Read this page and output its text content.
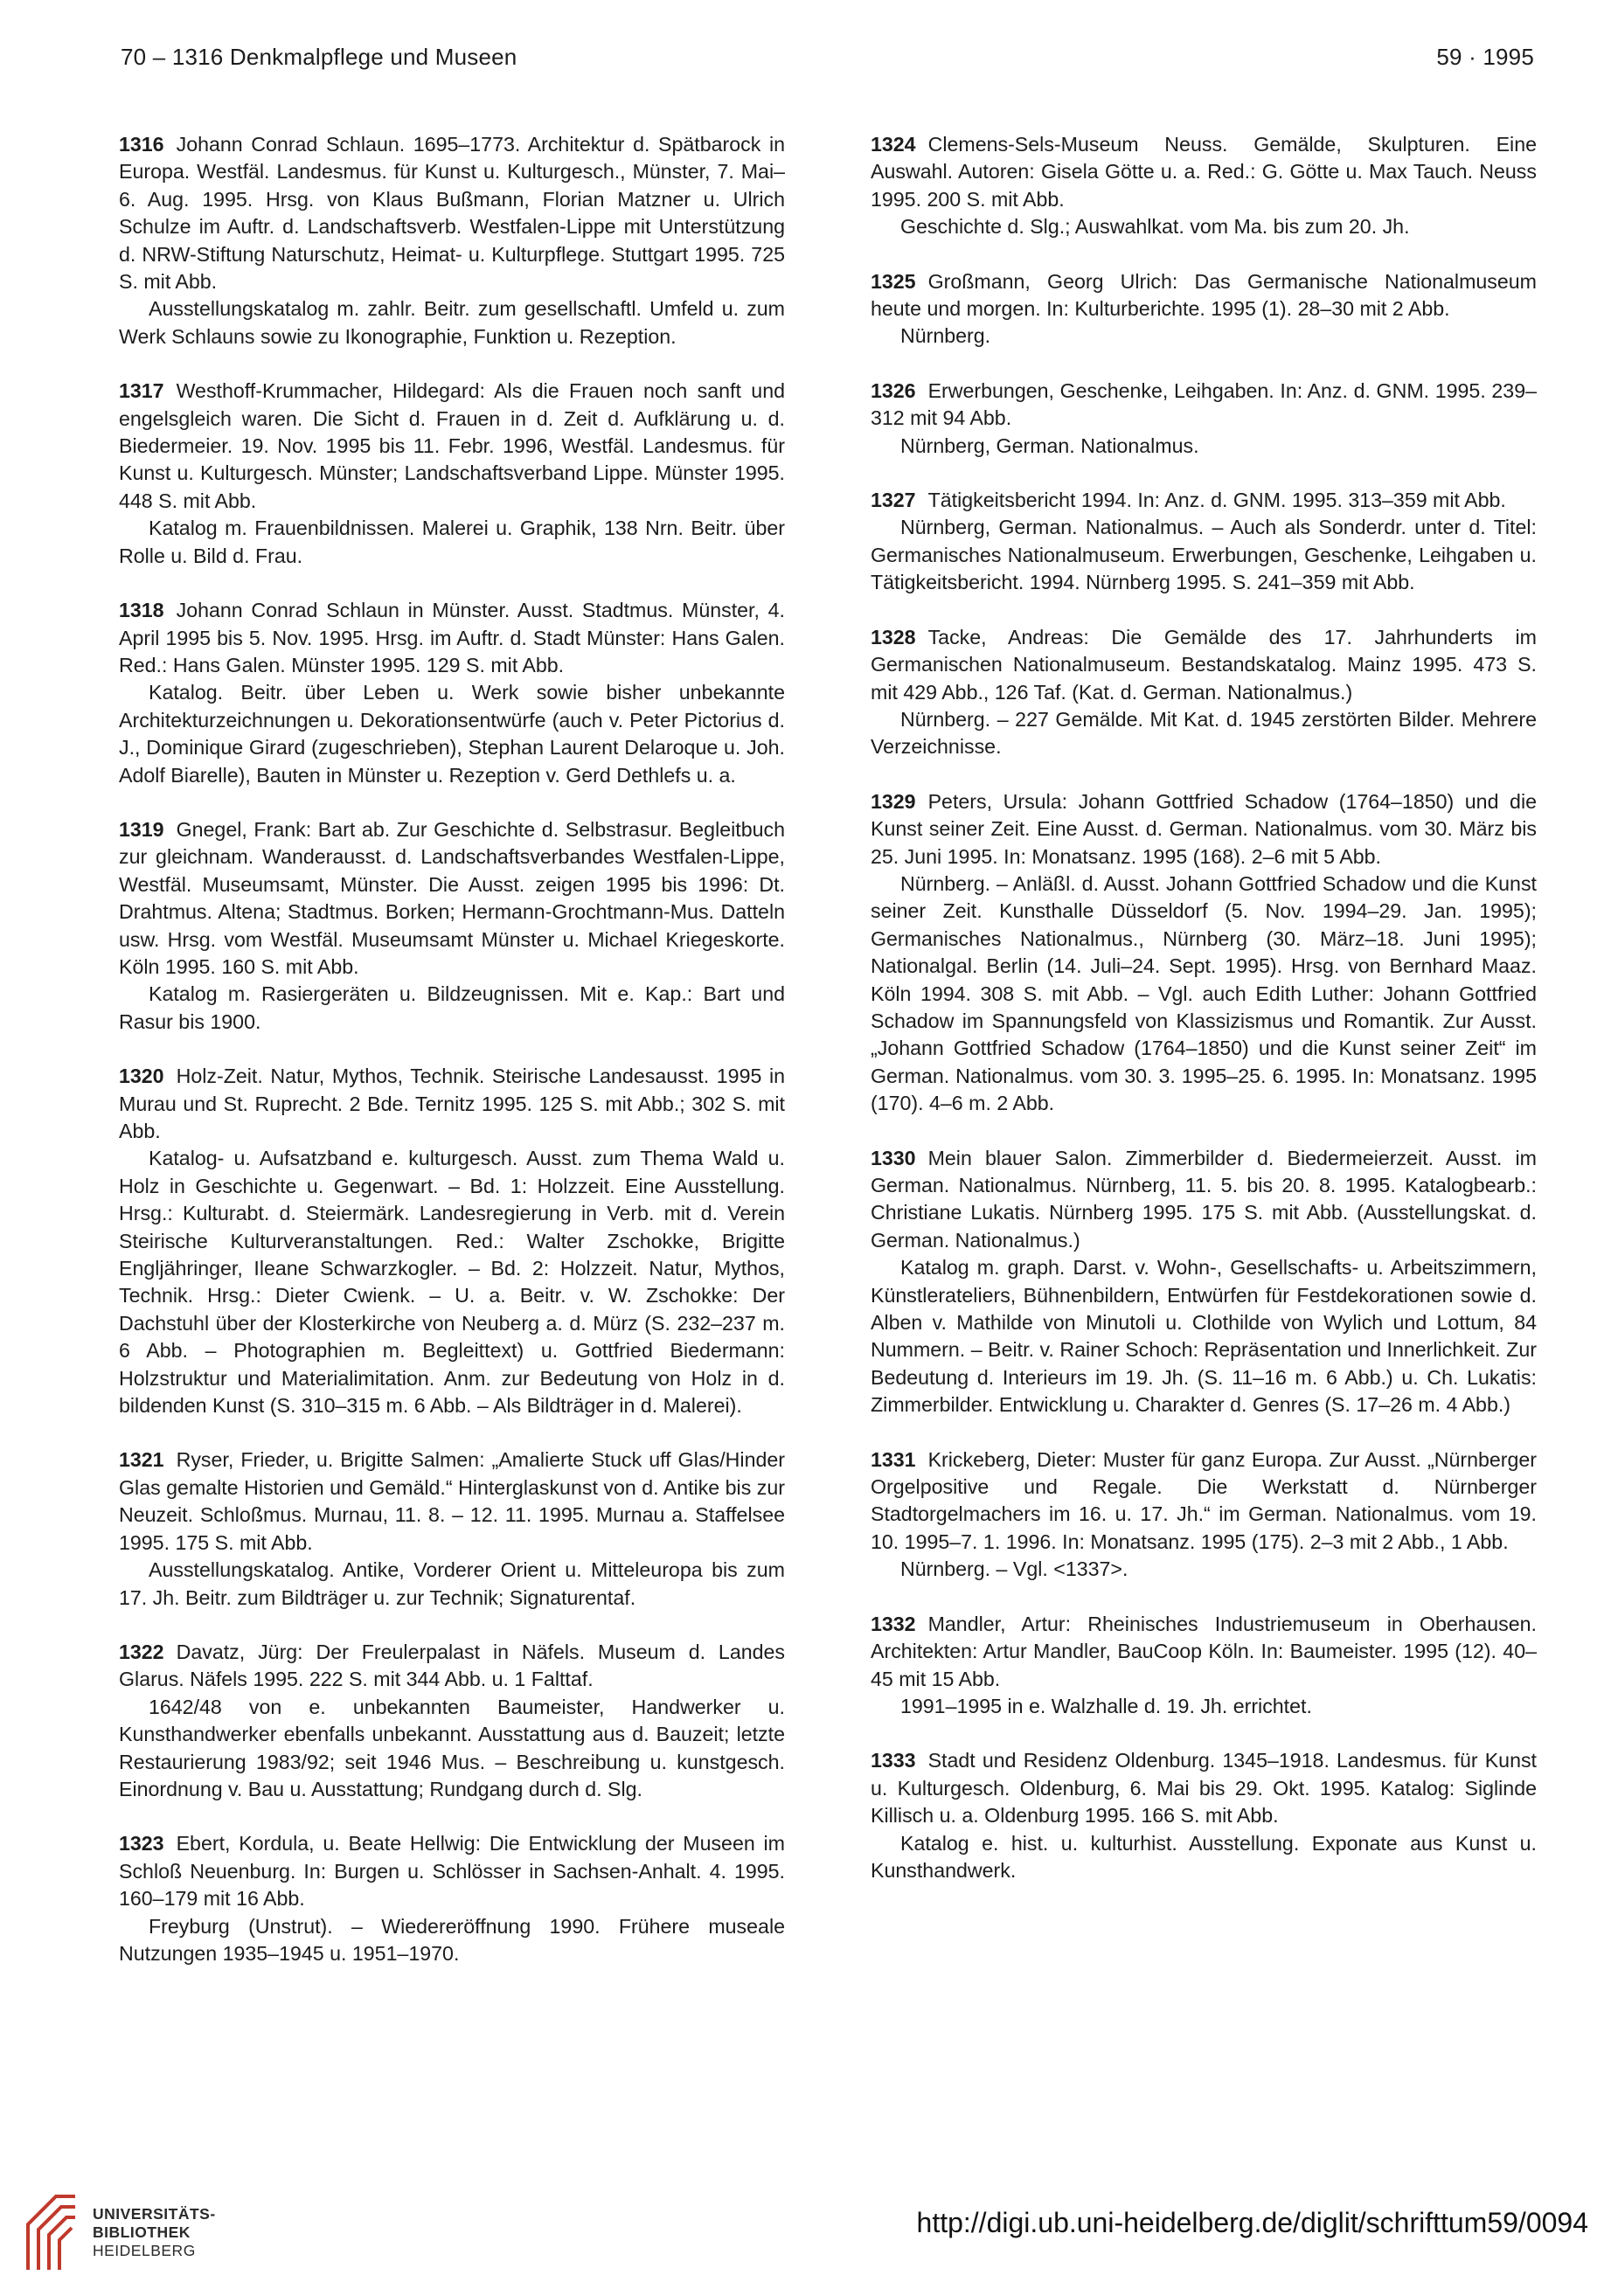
70 – 1316 Denkmalpflege und Museen	59 · 1995

1316 Johann Conrad Schlaun. 1695–1773. Architektur d. Spätbarock in Europa. Westfäl. Landesmus. für Kunst u. Kulturgesch., Münster, 7. Mai–6. Aug. 1995. Hrsg. von Klaus Bußmann, Florian Matzner u. Ulrich Schulze im Auftr. d. Landschaftsverb. Westfalen-Lippe mit Unterstützung d. NRW-Stiftung Naturschutz, Heimat- u. Kulturpflege. Stuttgart 1995. 725 S. mit Abb.

Ausstellungskatalog m. zahlr. Beitr. zum gesellschaftl. Umfeld u. zum Werk Schlauns sowie zu Ikonographie, Funktion u. Rezeption.

1317 Westhoff-Krummacher, Hildegard: Als die Frauen noch sanft und engelsgleich waren. Die Sicht d. Frauen in d. Zeit d. Aufklärung u. d. Biedermeier. 19. Nov. 1995 bis 11. Febr. 1996, Westfäl. Landesmus. für Kunst u. Kulturgesch. Münster; Landschaftsverband Lippe. Münster 1995. 448 S. mit Abb.

Katalog m. Frauenbildnissen. Malerei u. Graphik, 138 Nrn. Beitr. über Rolle u. Bild d. Frau.

1318 Johann Conrad Schlaun in Münster. Ausst. Stadtmus. Münster, 4. April 1995 bis 5. Nov. 1995. Hrsg. im Auftr. d. Stadt Münster: Hans Galen. Red.: Hans Galen. Münster 1995. 129 S. mit Abb.

Katalog. Beitr. über Leben u. Werk sowie bisher unbekannte Architekturzeichnungen u. Dekorationsentwürfe (auch v. Peter Pictorius d. J., Dominique Girard (zugeschrieben), Stephan Laurent Delaroque u. Joh. Adolf Biarelle), Bauten in Münster u. Rezeption v. Gerd Dethlefs u. a.

1319 Gnegel, Frank: Bart ab. Zur Geschichte d. Selbstrasur. Begleitbuch zur gleichnam. Wanderausst. d. Landschaftsverbandes Westfalen-Lippe, Westfäl. Museumsamt, Münster. Die Ausst. zeigen 1995 bis 1996: Dt. Drahtmus. Altena; Stadtmus. Borken; Hermann-Grochtmann-Mus. Datteln usw. Hrsg. vom Westfäl. Museumsamt Münster u. Michael Kriegeskorte. Köln 1995. 160 S. mit Abb.

Katalog m. Rasiergeräten u. Bildzeugnissen. Mit e. Kap.: Bart und Rasur bis 1900.

1320 Holz-Zeit. Natur, Mythos, Technik. Steirische Landesausst. 1995 in Murau und St. Ruprecht. 2 Bde. Ternitz 1995. 125 S. mit Abb.; 302 S. mit Abb.

Katalog- u. Aufsatzband e. kulturgesch. Ausst. zum Thema Wald u. Holz in Geschichte u. Gegenwart. – Bd. 1: Holzzeit. Eine Ausstellung. Hrsg.: Kulturabt. d. Steiermärk. Landesregierung in Verb. mit d. Verein Steirische Kulturveranstaltungen. Red.: Walter Zschokke, Brigitte Engljähringer, Ileane Schwarzkogler. – Bd. 2: Holzzeit. Natur, Mythos, Technik. Hrsg.: Dieter Cwienk. – U. a. Beitr. v. W. Zschokke: Der Dachstuhl über der Klosterkirche von Neuberg a. d. Mürz (S. 232–237 m. 6 Abb. – Photographien m. Begleittext) u. Gottfried Biedermann: Holzstruktur und Materialimitation. Anm. zur Bedeutung von Holz in d. bildenden Kunst (S. 310–315 m. 6 Abb. – Als Bildträger in d. Malerei).

1321 Ryser, Frieder, u. Brigitte Salmen: „Amalierte Stuck uff Glas/Hinder Glas gemalte Historien und Gemäld.“ Hinterglaskunst von d. Antike bis zur Neuzeit. Schloßmus. Murnau, 11. 8. – 12. 11. 1995. Murnau a. Staffelsee 1995. 175 S. mit Abb.

Ausstellungskatalog. Antike, Vorderer Orient u. Mitteleuropa bis zum 17. Jh. Beitr. zum Bildträger u. zur Technik; Signaturentaf.

1322 Davatz, Jürg: Der Freulerpalast in Näfels. Museum d. Landes Glarus. Näfels 1995. 222 S. mit 344 Abb. u. 1 Falttaf.

1642/48 von e. unbekannten Baumeister, Handwerker u. Kunsthandwerker ebenfalls unbekannt. Ausstattung aus d. Bauzeit; letzte Restaurierung 1983/92; seit 1946 Mus. – Beschreibung u. kunstgesch. Einordnung v. Bau u. Ausstattung; Rundgang durch d. Slg.

1323 Ebert, Kordula, u. Beate Hellwig: Die Entwicklung der Museen im Schloß Neuenburg. In: Burgen u. Schlösser in Sachsen-Anhalt. 4. 1995. 160–179 mit 16 Abb.

Freyburg (Unstrut). – Wiedereröffnung 1990. Frühere museale Nutzungen 1935–1945 u. 1951–1970.

1324 Clemens-Sels-Museum Neuss. Gemälde, Skulpturen. Eine Auswahl. Autoren: Gisela Götte u. a. Red.: G. Götte u. Max Tauch. Neuss 1995. 200 S. mit Abb.

Geschichte d. Slg.; Auswahlkat. vom Ma. bis zum 20. Jh.

1325 Großmann, Georg Ulrich: Das Germanische Nationalmuseum heute und morgen. In: Kulturberichte. 1995 (1). 28–30 mit 2 Abb.

Nürnberg.

1326 Erwerbungen, Geschenke, Leihgaben. In: Anz. d. GNM. 1995. 239–312 mit 94 Abb.

Nürnberg, German. Nationalmus.

1327 Tätigkeitsbericht 1994. In: Anz. d. GNM. 1995. 313–359 mit Abb.

Nürnberg, German. Nationalmus. – Auch als Sonderdr. unter d. Titel: Germanisches Nationalmuseum. Erwerbungen, Geschenke, Leihgaben u. Tätigkeitsbericht. 1994. Nürnberg 1995. S. 241–359 mit Abb.

1328 Tacke, Andreas: Die Gemälde des 17. Jahrhunderts im Germanischen Nationalmuseum. Bestandskatalog. Mainz 1995. 473 S. mit 429 Abb., 126 Taf. (Kat. d. German. Nationalmus.)

Nürnberg. – 227 Gemälde. Mit Kat. d. 1945 zerstörten Bilder. Mehrere Verzeichnisse.

1329 Peters, Ursula: Johann Gottfried Schadow (1764–1850) und die Kunst seiner Zeit. Eine Ausst. d. German. Nationalmus. vom 30. März bis 25. Juni 1995. In: Monatsanz. 1995 (168). 2–6 mit 5 Abb.

Nürnberg. – Anläßl. d. Ausst. Johann Gottfried Schadow und die Kunst seiner Zeit. Kunsthalle Düsseldorf (5. Nov. 1994–29. Jan. 1995); Germanisches Nationalmus., Nürnberg (30. März–18. Juni 1995); Nationalgal. Berlin (14. Juli–24. Sept. 1995). Hrsg. von Bernhard Maaz. Köln 1994. 308 S. mit Abb. – Vgl. auch Edith Luther: Johann Gottfried Schadow im Spannungsfeld von Klassizismus und Romantik. Zur Ausst. „Johann Gottfried Schadow (1764–1850) und die Kunst seiner Zeit“ im German. Nationalmus. vom 30. 3. 1995–25. 6. 1995. In: Monatsanz. 1995 (170). 4–6 m. 2 Abb.

1330 Mein blauer Salon. Zimmerbilder d. Biedermeierzeit. Ausst. im German. Nationalmus. Nürnberg, 11. 5. bis 20. 8. 1995. Katalogbearb.: Christiane Lukatis. Nürnberg 1995. 175 S. mit Abb. (Ausstellungskat. d. German. Nationalmus.)

Katalog m. graph. Darst. v. Wohn-, Gesellschafts- u. Arbeitszimmern, Künstlerateliers, Bühnenbildern, Entwürfen für Festdekorationen sowie d. Alben v. Mathilde von Minutoli u. Clothilde von Wylich und Lottum, 84 Nummern. – Beitr. v. Rainer Schoch: Repräsentation und Innerlichkeit. Zur Bedeutung d. Interieurs im 19. Jh. (S. 11–16 m. 6 Abb.) u. Ch. Lukatis: Zimmerbilder. Entwicklung u. Charakter d. Genres (S. 17–26 m. 4 Abb.)

1331 Krickeberg, Dieter: Muster für ganz Europa. Zur Ausst. „Nürnberger Orgelpositive und Regale. Die Werkstatt d. Nürnberger Stadtorgelmachers im 16. u. 17. Jh.“ im German. Nationalmus. vom 19. 10. 1995–7. 1. 1996. In: Monatsanz. 1995 (175). 2–3 mit 2 Abb., 1 Abb.

Nürnberg. – Vgl. <1337>.

1332 Mandler, Artur: Rheinisches Industriemuseum in Oberhausen. Architekten: Artur Mandler, BauCoop Köln. In: Baumeister. 1995 (12). 40–45 mit 15 Abb.

1991–1995 in e. Walzhalle d. 19. Jh. errichtet.

1333 Stadt und Residenz Oldenburg. 1345–1918. Landesmus. für Kunst u. Kulturgesch. Oldenburg, 6. Mai bis 29. Okt. 1995. Katalog: Siglinde Killisch u. a. Oldenburg 1995. 166 S. mit Abb.

Katalog e. hist. u. kulturhist. Ausstellung. Exponate aus Kunst u. Kunsthandwerk.

UNIVERSITÄTS-
BIBLIOTHEK
HEIDELBERG
http://digi.ub.uni-heidelberg.de/diglit/schrifttum59/0094
